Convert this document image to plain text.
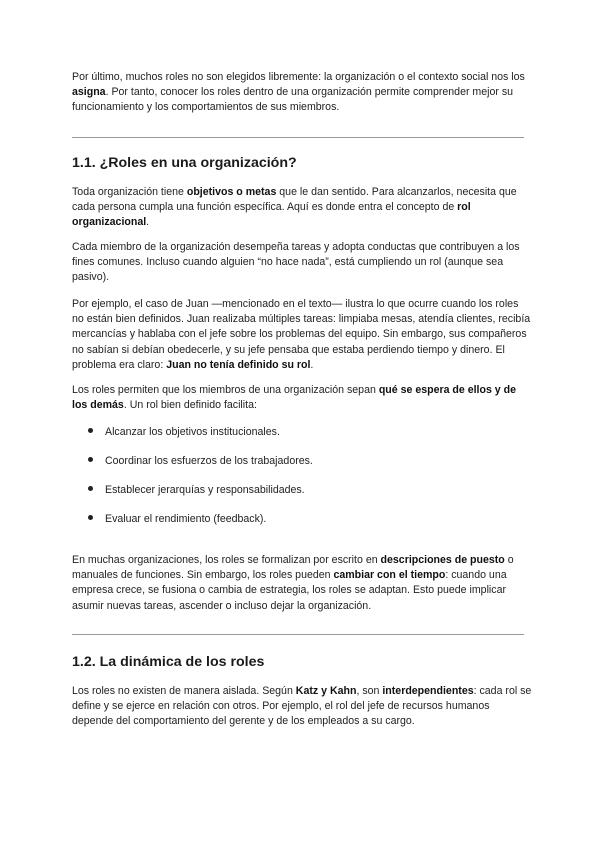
Por último, muchos roles no son elegidos libremente: la organización o el contexto social nos los asigna. Por tanto, conocer los roles dentro de una organización permite comprender mejor su funcionamiento y los comportamientos de sus miembros.

1.1. ¿Roles en una organización?

Toda organización tiene objetivos o metas que le dan sentido. Para alcanzarlos, necesita que cada persona cumpla una función específica. Aquí es donde entra el concepto de rol organizacional.

Cada miembro de la organización desempeña tareas y adopta conductas que contribuyen a los fines comunes. Incluso cuando alguien “no hace nada”, está cumpliendo un rol (aunque sea pasivo).

Por ejemplo, el caso de Juan —mencionado en el texto— ilustra lo que ocurre cuando los roles no están bien definidos. Juan realizaba múltiples tareas: limpiaba mesas, atendía clientes, recibía mercancías y hablaba con el jefe sobre los problemas del equipo. Sin embargo, sus compañeros no sabían si debían obedecerle, y su jefe pensaba que estaba perdiendo tiempo y dinero. El problema era claro: Juan no tenía definido su rol.

Los roles permiten que los miembros de una organización sepan qué se espera de ellos y de los demás. Un rol bien definido facilita:

Alcanzar los objetivos institucionales.
Coordinar los esfuerzos de los trabajadores.
Establecer jerarquías y responsabilidades.
Evaluar el rendimiento (feedback).

En muchas organizaciones, los roles se formalizan por escrito en descripciones de puesto o manuales de funciones. Sin embargo, los roles pueden cambiar con el tiempo: cuando una empresa crece, se fusiona o cambia de estrategia, los roles se adaptan. Esto puede implicar asumir nuevas tareas, ascender o incluso dejar la organización.

1.2. La dinámica de los roles

Los roles no existen de manera aislada. Según Katz y Kahn, son interdependientes: cada rol se define y se ejerce en relación con otros. Por ejemplo, el rol del jefe de recursos humanos depende del comportamiento del gerente y de los empleados a su cargo.
